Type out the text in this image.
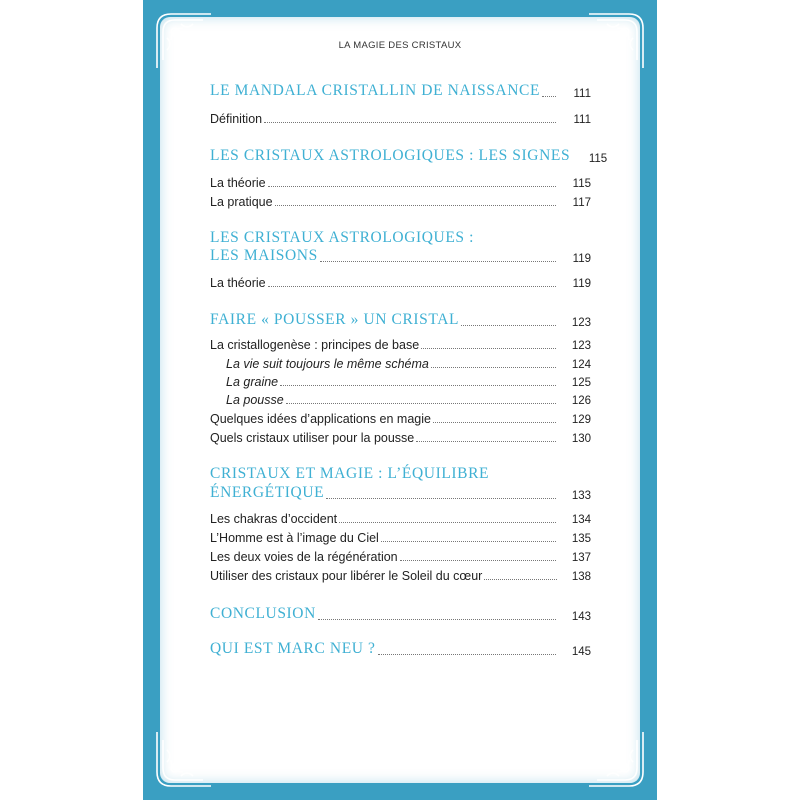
LA MAGIE DES CRISTAUX
LE MANDALA CRISTALLIN DE NAISSANCE	111
Définition	111
LES CRISTAUX ASTROLOGIQUES : LES SIGNES	115
La théorie	115
La pratique	117
LES CRISTAUX ASTROLOGIQUES :
LES MAISONS	119
La théorie	119
FAIRE « POUSSER » UN CRISTAL	123
La cristallogenèse : principes de base	123
La vie suit toujours le même schéma	124
La graine	125
La pousse	126
Quelques idées d’applications en magie	129
Quels cristaux utiliser pour la pousse	130
CRISTAUX ET MAGIE : L’ÉQUILIBRE
ÉNERGÉTIQUE	133
Les chakras d’occident	134
L’Homme est à l’image du Ciel	135
Les deux voies de la régénération	137
Utiliser des cristaux pour libérer le Soleil du cœur	138
CONCLUSION	143
QUI EST MARC NEU ?	145
